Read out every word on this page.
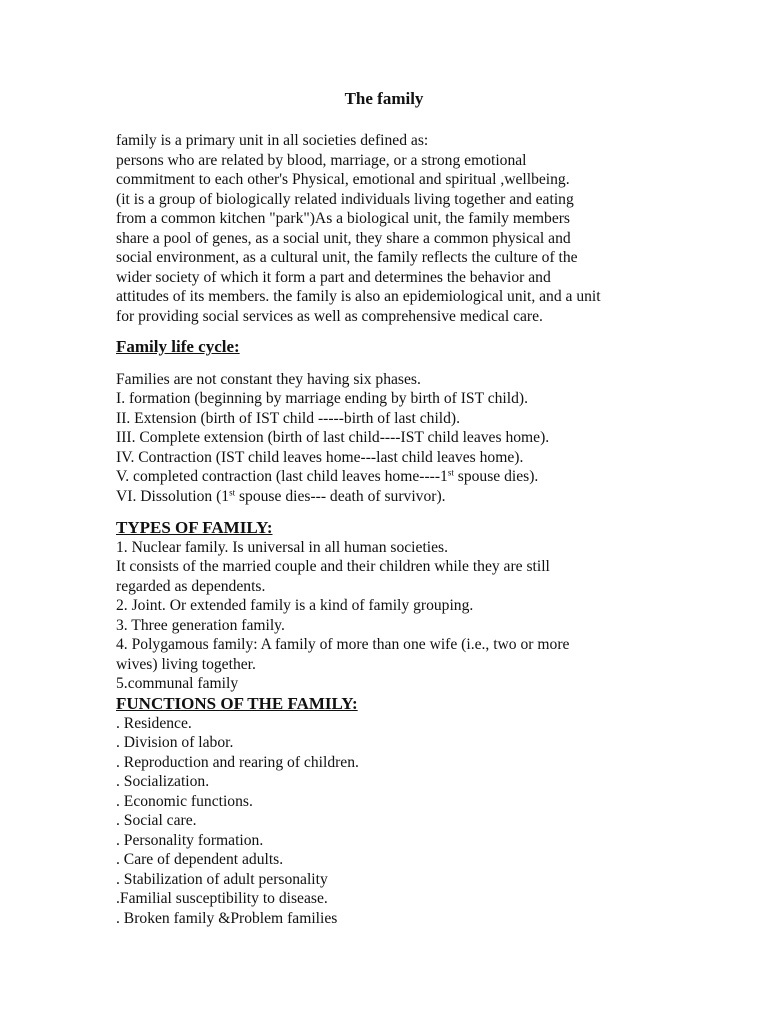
The family

family is a primary unit in all societies defined as:

persons who are related by blood, marriage, or a strong emotional

commitment to each other's Physical, emotional and spiritual ,wellbeing.

(it is a group of biologically related individuals living together and eating

from a common kitchen "park")As a biological unit, the family members

share a pool of genes, as a social unit, they share a common physical and

social environment, as a cultural unit, the family reflects the culture of the

wider society of which it form a part and determines the behavior and

attitudes of its members. the family is also an epidemiological unit, and a unit

for providing social services as well as comprehensive medical care.

Family life cycle:

Families are not constant they having six phases.

I. formation (beginning by marriage ending by birth of IST child).

II. Extension (birth of IST child -----birth of last child).

III. Complete extension (birth of last child----IST child leaves home).

IV. Contraction (IST child leaves home---last child leaves home).

V. completed contraction (last child leaves home----1st spouse dies).

VI. Dissolution (1st spouse dies--- death of survivor).

TYPES OF FAMILY:

1. Nuclear family. Is universal in all human societies.

It consists of the married couple and their children while they are still

regarded as dependents.

2. Joint. Or extended family is a kind of family grouping.

3. Three generation family.

4. Polygamous family: A family of more than one wife (i.e., two or more

wives) living together.

5.communal family

FUNCTIONS OF THE FAMILY:

. Residence.

. Division of labor.

. Reproduction and rearing of children.

. Socialization.

. Economic functions.

. Social care.

. Personality formation.

. Care of dependent adults.

. Stabilization of adult personality

.Familial susceptibility to disease.

. Broken family &Problem families
